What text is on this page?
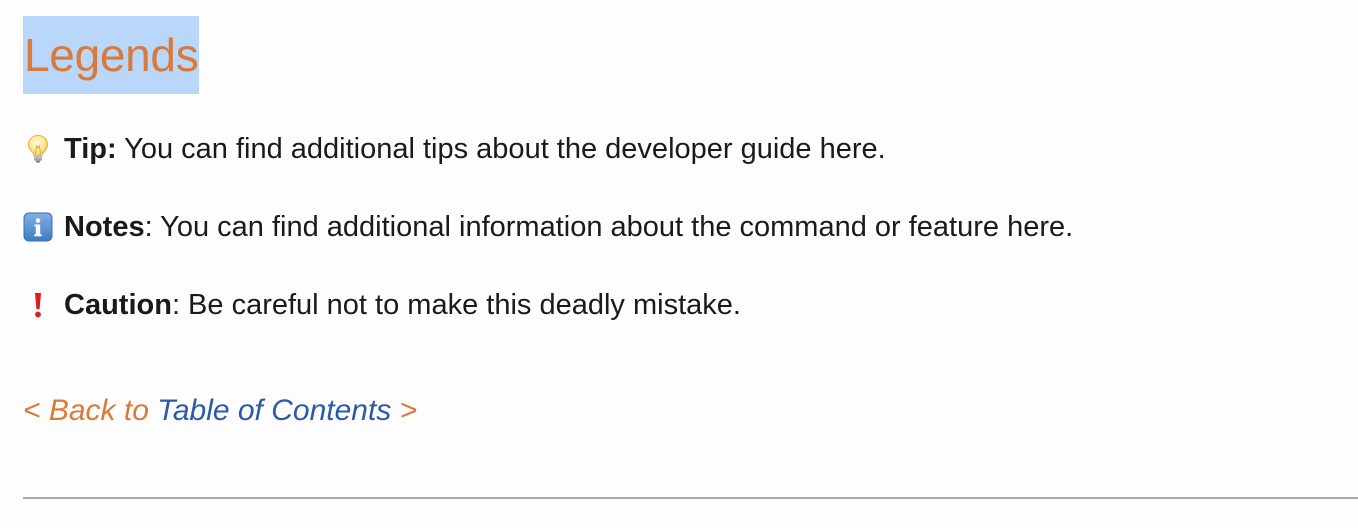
Legends
Tip: You can find additional tips about the developer guide here.
Notes : You can find additional information about the command or feature here.
Caution : Be careful not to make this deadly mistake.
< Back to Table of Contents >
